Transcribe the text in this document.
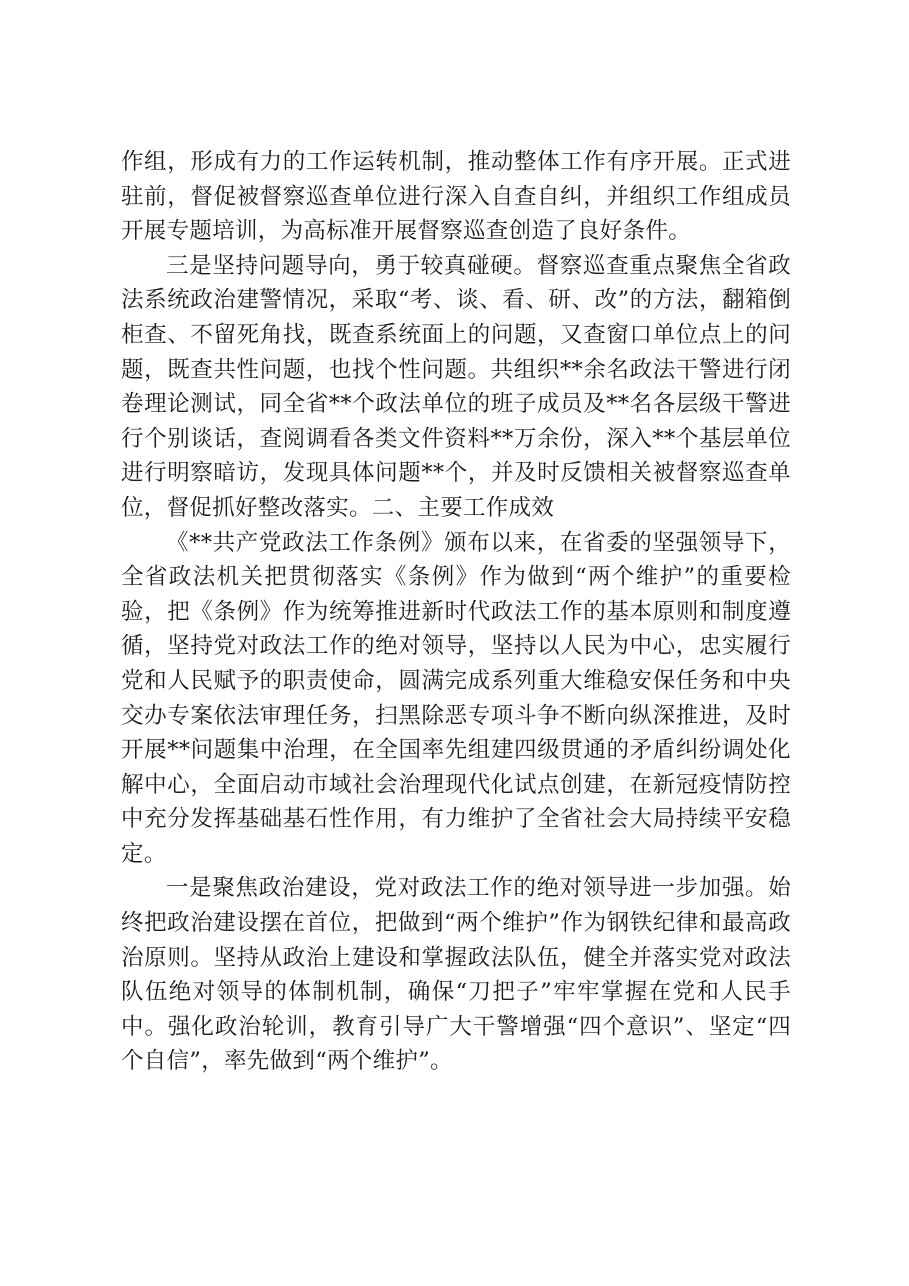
作组，形成有力的工作运转机制，推动整体工作有序开展。正式进驻前，督促被督察巡查单位进行深入自查自纠，并组织工作组成员开展专题培训，为高标准开展督察巡查创造了良好条件。

三是坚持问题导向，勇于较真碰硬。督察巡查重点聚焦全省政法系统政治建警情况，采取“考、谈、看、研、改”的方法，翻箱倒柜查、不留死角找，既查系统面上的问题，又查窗口单位点上的问题，既查共性问题，也找个性问题。共组织**余名政法干警进行闭卷理论测试，同全省**个政法单位的班子成员及**名各层级干警进行个别谈话，查阅调看各类文件资料**万余份，深入**个基层单位进行明察暗访，发现具体问题**个，并及时反馈相关被督察巡查单位，督促抓好整改落实。二、主要工作成效

《**共产党政法工作条例》颁布以来，在省委的坚强领导下，全省政法机关把贯彻落实《条例》作为做到“两个维护”的重要检验，把《条例》作为统筹推进新时代政法工作的基本原则和制度遵循，坚持党对政法工作的绝对领导，坚持以人民为中心，忠实履行党和人民赋予的职责使命，圆满完成系列重大维稳安保任务和中央交办专案依法审理任务，扫黑除恶专项斗争不断向纵深推进，及时开展**问题集中治理，在全国率先组建四级贯通的矛盾纠纷调处化解中心，全面启动市域社会治理现代化试点创建，在新冠疫情防控中充分发挥基础基石性作用，有力维护了全省社会大局持续平安稳定。

一是聚焦政治建设，党对政法工作的绝对领导进一步加强。始终把政治建设摆在首位，把做到“两个维护”作为钢铁纪律和最高政治原则。坚持从政治上建设和掌握政法队伍，健全并落实党对政法队伍绝对领导的体制机制，确保“刀把子”牢牢掌握在党和人民手中。强化政治轮训，教育引导广大干警增强“四个意识”、坚定“四个自信”，率先做到“两个维护”。
